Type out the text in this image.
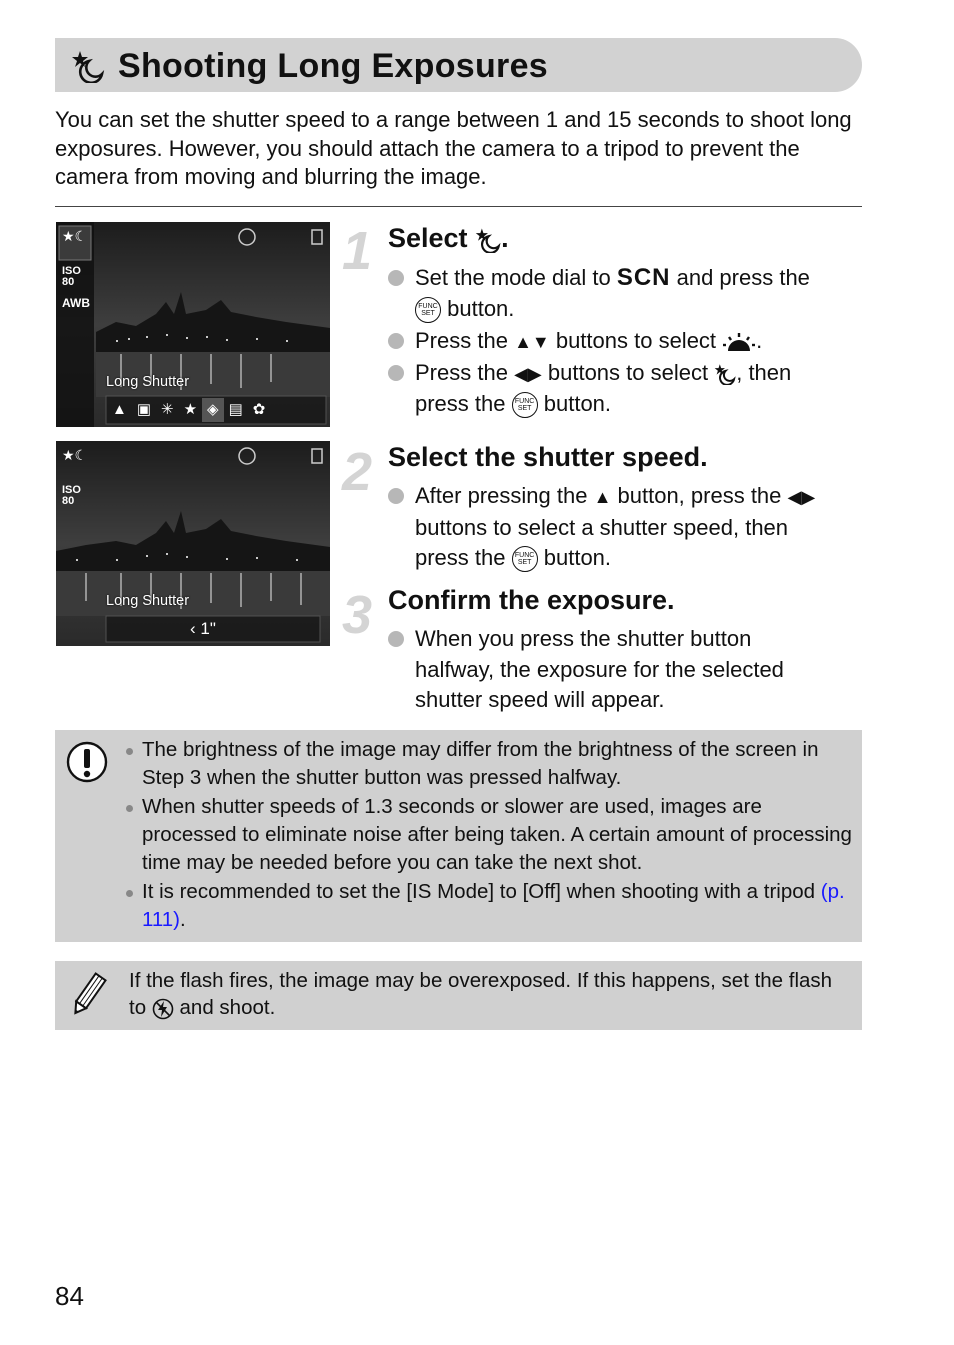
Shooting Long Exposures
You can set the shutter speed to a range between 1 and 15 seconds to shoot long exposures. However, you should attach the camera to a tripod to prevent the camera from moving and blurring the image.
★☾
ISO
80
AWB
Long Shutter
▲▣✳★◈▤✿
★☾
ISO
80
Long Shutter
‹ 1"
1 Select .
Set the mode dial to SCN and press the

FUNC
SET button.
Press the ▲▼ buttons to select .
Press the ◀▶ buttons to select , then
press the FUNC
SET button.
2 Select the shutter speed.
After pressing the ▲ button, press the ◀▶
buttons to select a shutter speed, then
press the FUNC
SET button.
3 Confirm the exposure.
When you press the shutter button halfway, the exposure for the selected shutter speed will appear.
The brightness of the image may differ from the brightness of the screen in Step 3 when the shutter button was pressed halfway.
When shutter speeds of 1.3 seconds or slower are used, images are processed to eliminate noise after being taken. A certain amount of processing time may be needed before you can take the next shot.
It is recommended to set the [IS Mode] to [Off] when shooting with a tripod (p. 111).
If the flash fires, the image may be overexposed. If this happens, set the flash to and shoot.
84
